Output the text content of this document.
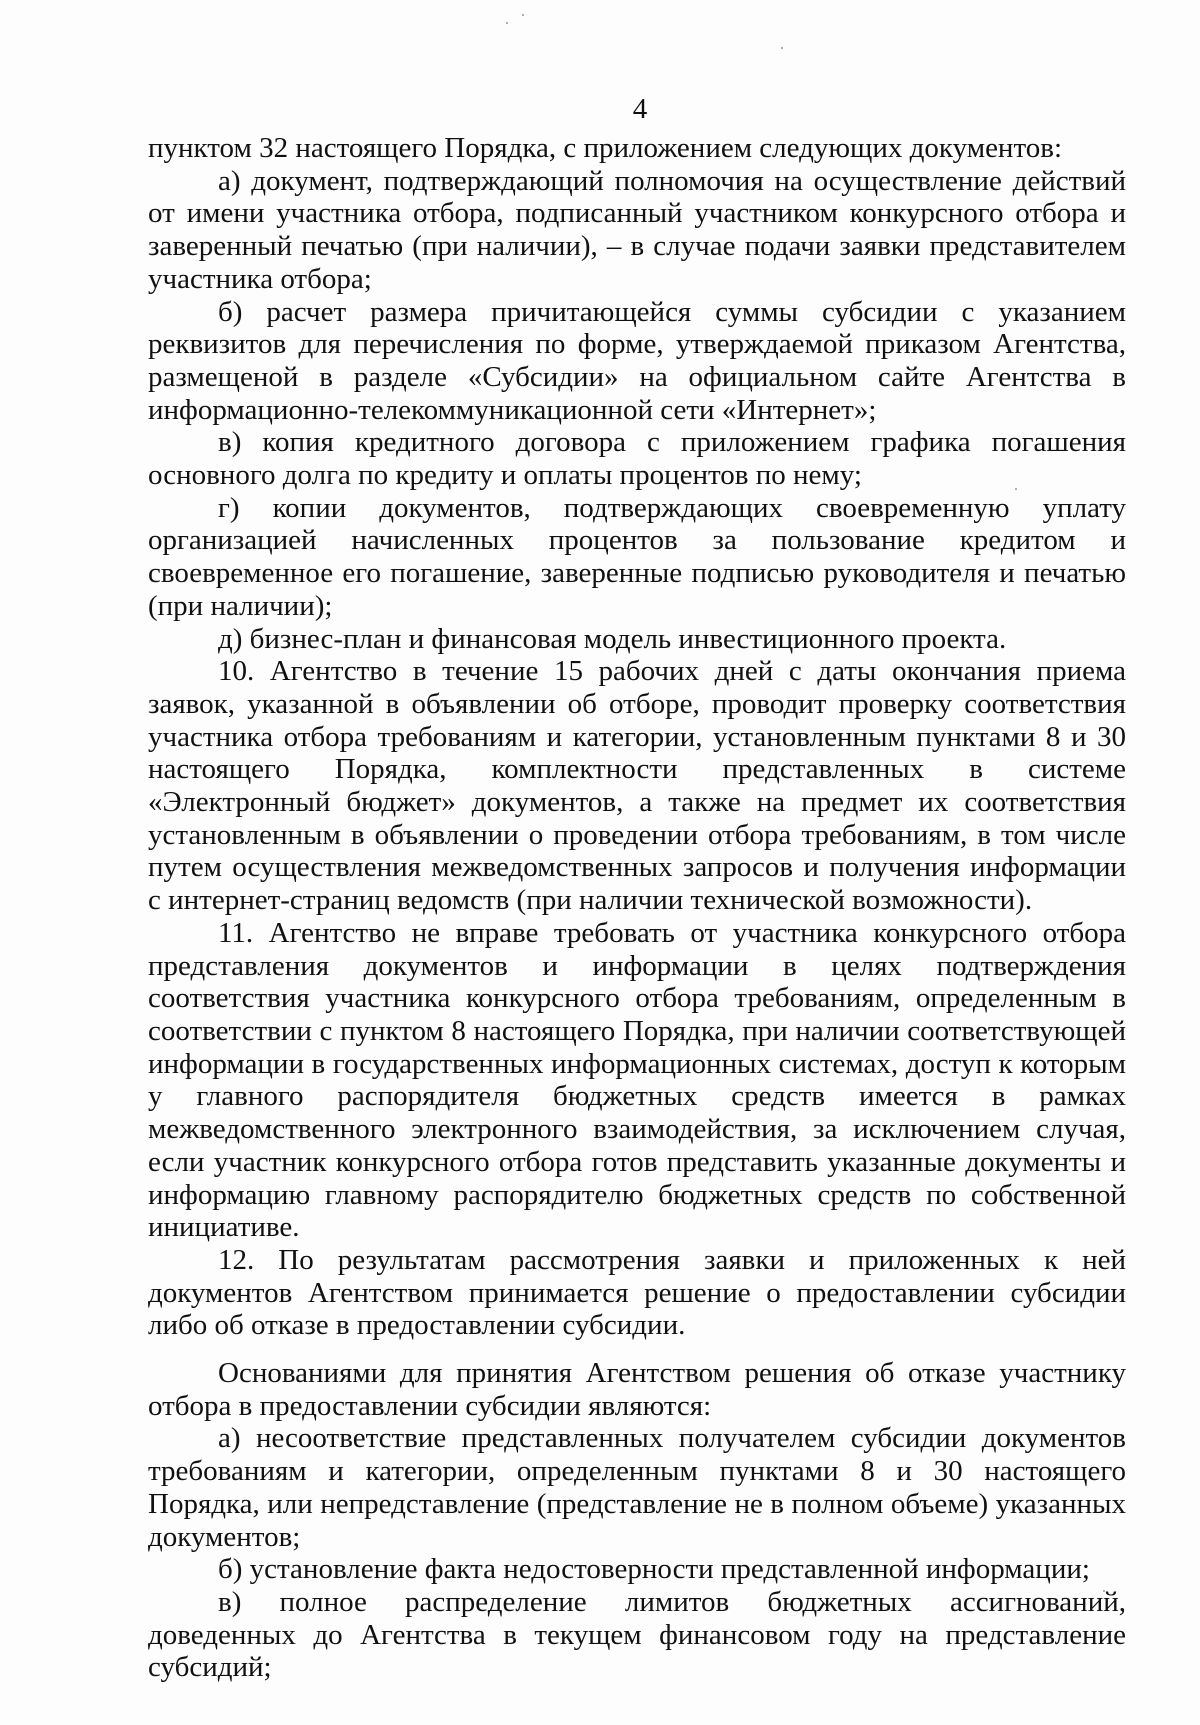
4

пунктом 32 настоящего Порядка, с приложением следующих документов:

а) документ, подтверждающий полномочия на осуществление действий от имени участника отбора, подписанный участником конкурсного отбора и заверенный печатью (при наличии), – в случае подачи заявки представителем участника отбора;

б) расчет размера причитающейся суммы субсидии с указанием реквизитов для перечисления по форме, утверждаемой приказом Агентства, размещеной в разделе «Субсидии» на официальном сайте Агентства в информационно-телекоммуникационной сети «Интернет»;

в) копия кредитного договора с приложением графика погашения основного долга по кредиту и оплаты процентов по нему;

г) копии документов, подтверждающих своевременную уплату организацией начисленных процентов за пользование кредитом и своевременное его погашение, заверенные подписью руководителя и печатью (при наличии);

д) бизнес-план и финансовая модель инвестиционного проекта.

10. Агентство в течение 15 рабочих дней с даты окончания приема заявок, указанной в объявлении об отборе, проводит проверку соответствия участника отбора требованиям и категории, установленным пунктами 8 и 30 настоящего Порядка, комплектности представленных в системе «Электронный бюджет» документов, а также на предмет их соответствия установленным в объявлении о проведении отбора требованиям, в том числе путем осуществления межведомственных запросов и получения информации с интернет-страниц ведомств (при наличии технической возможности).

11. Агентство не вправе требовать от участника конкурсного отбора представления документов и информации в целях подтверждения соответствия участника конкурсного отбора требованиям, определенным в соответствии с пунктом 8 настоящего Порядка, при наличии соответствующей информации в государственных информационных системах, доступ к которым у главного распорядителя бюджетных средств имеется в рамках межведомственного электронного взаимодействия, за исключением случая, если участник конкурсного отбора готов представить указанные документы и информацию главному распорядителю бюджетных средств по собственной инициативе.

12. По результатам рассмотрения заявки и приложенных к ней документов Агентством принимается решение о предоставлении субсидии либо об отказе в предоставлении субсидии.

Основаниями для принятия Агентством решения об отказе участнику отбора в предоставлении субсидии являются:

а) несоответствие представленных получателем субсидии документов требованиям и категории, определенным пунктами 8 и 30 настоящего Порядка, или непредставление (представление не в полном объеме) указанных документов;

б) установление факта недостоверности представленной информации;

в) полное распределение лимитов бюджетных ассигнований, доведенных до Агентства в текущем финансовом году на представление субсидий;
